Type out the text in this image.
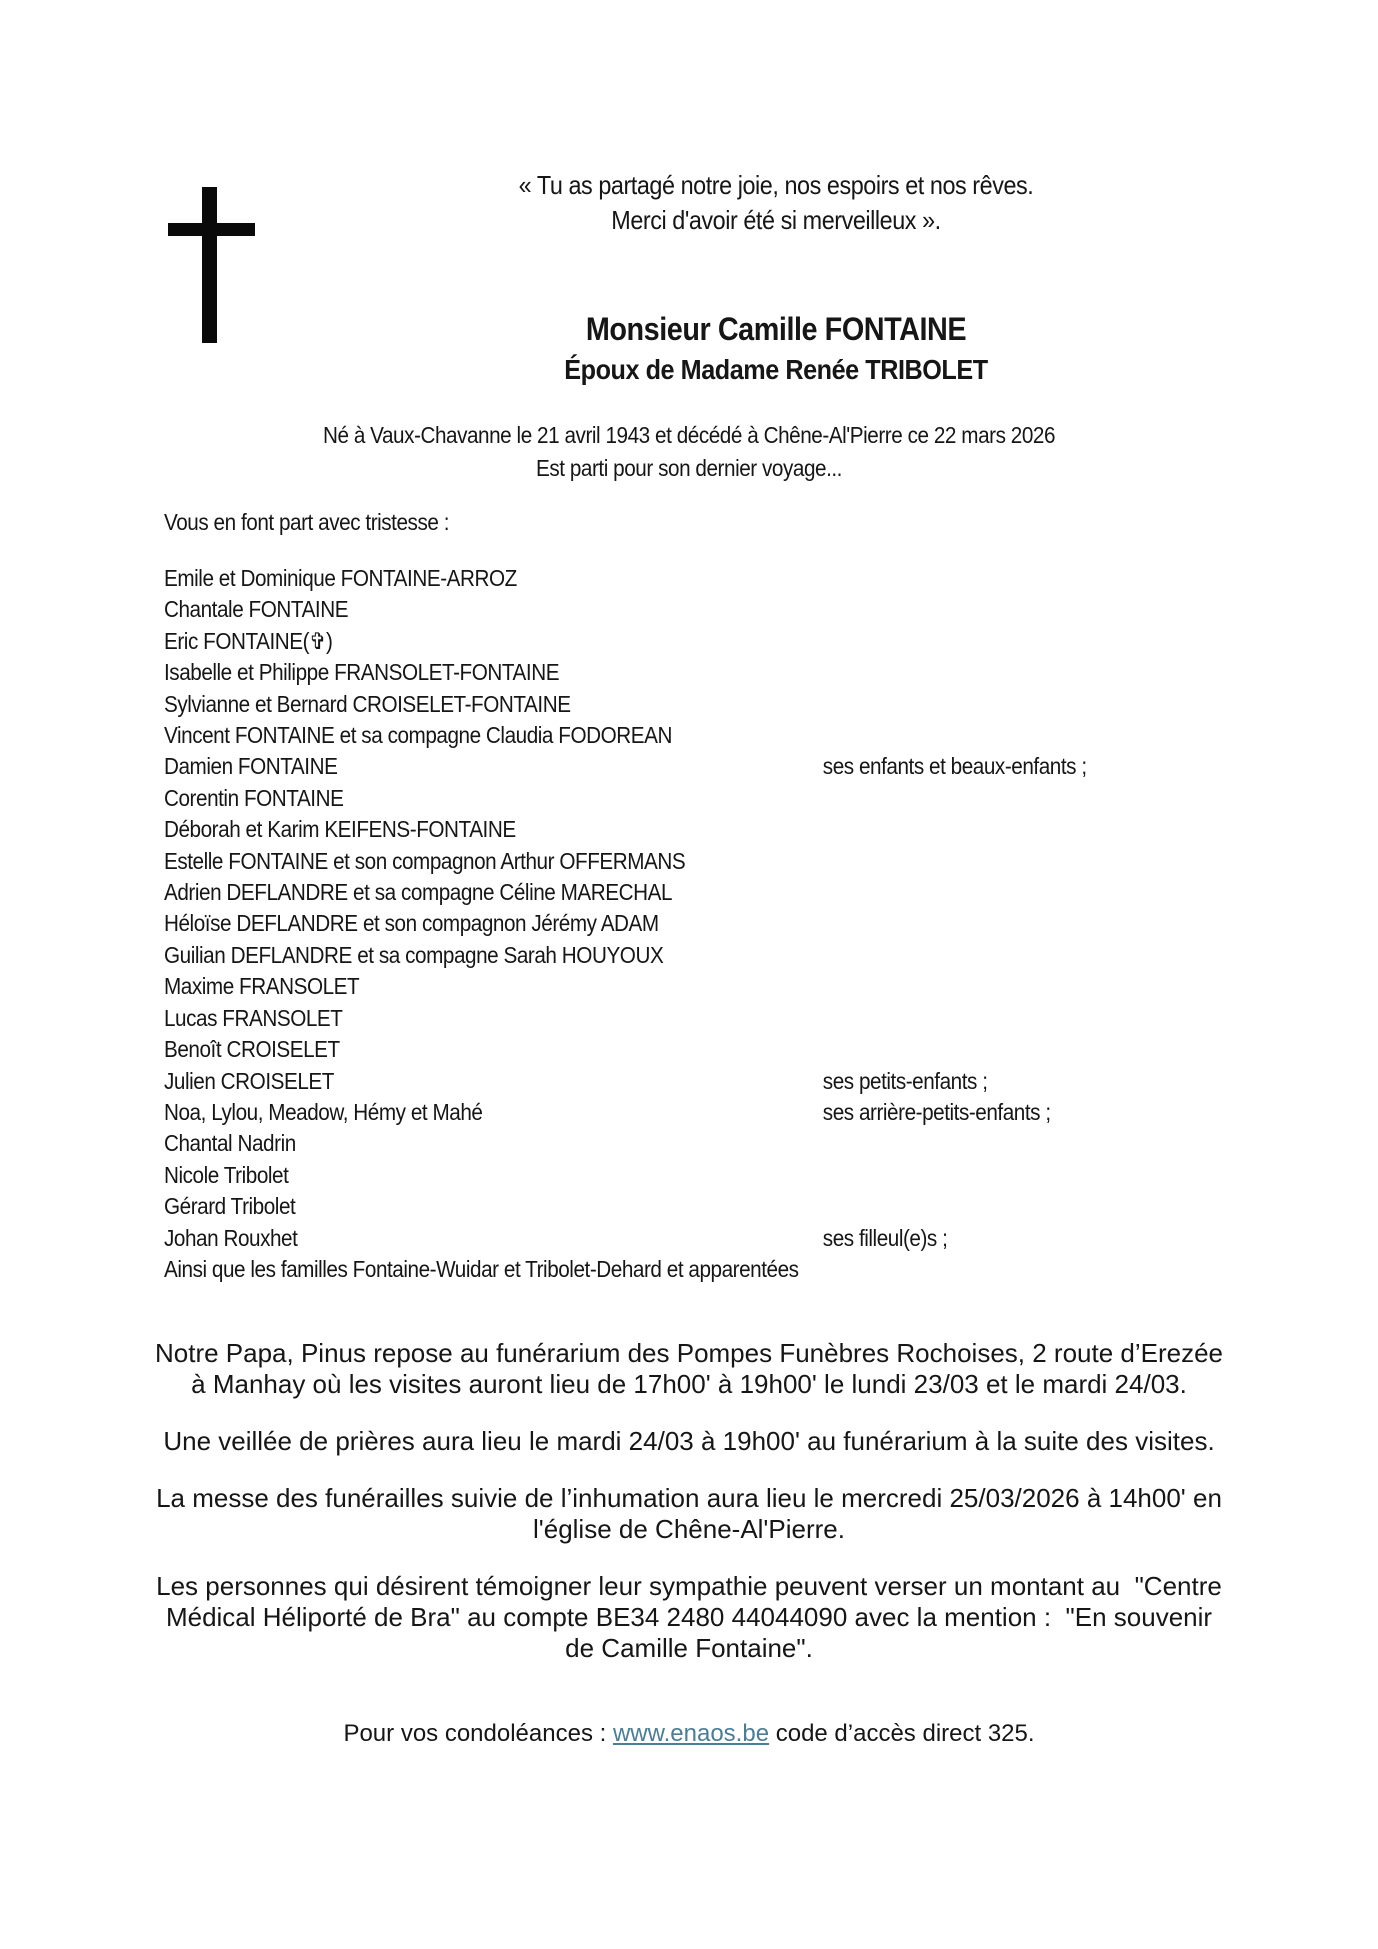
« Tu as partagé notre joie, nos espoirs et nos rêves.
Merci d'avoir été si merveilleux ».
Monsieur Camille FONTAINE
Époux de Madame Renée TRIBOLET
Né à Vaux-Chavanne le 21 avril 1943 et décédé à Chêne-Al'Pierre ce 22 mars 2026
Est parti pour son dernier voyage...
Vous en font part avec tristesse :
Emile et Dominique FONTAINE-ARROZ
Chantale FONTAINE
Eric FONTAINE(✞)
Isabelle et Philippe FRANSOLET-FONTAINE
Sylvianne et Bernard CROISELET-FONTAINE
Vincent FONTAINE et sa compagne Claudia FODOREAN
Damien FONTAINE	ses enfants et beaux-enfants ;
Corentin FONTAINE
Déborah et Karim KEIFENS-FONTAINE
Estelle FONTAINE et son compagnon Arthur OFFERMANS
Adrien DEFLANDRE et sa compagne Céline MARECHAL
Héloïse DEFLANDRE et son compagnon Jérémy ADAM
Guilian DEFLANDRE et sa compagne Sarah HOUYOUX
Maxime FRANSOLET
Lucas FRANSOLET
Benoît CROISELET
Julien CROISELET	ses petits-enfants ;
Noa, Lylou, Meadow, Hémy et Mahé	ses arrière-petits-enfants ;
Chantal Nadrin
Nicole Tribolet
Gérard Tribolet
Johan Rouxhet	ses filleul(e)s ;
Ainsi que les familles Fontaine-Wuidar et Tribolet-Dehard et apparentées
Notre Papa, Pinus repose au funérarium des Pompes Funèbres Rochoises, 2 route d’Erezée
à Manhay où les visites auront lieu de 17h00' à 19h00' le lundi 23/03 et le mardi 24/03.
Une veillée de prières aura lieu le mardi 24/03 à 19h00' au funérarium à la suite des visites.
La messe des funérailles suivie de l’inhumation aura lieu le mercredi 25/03/2026 à 14h00' en
l'église de Chêne-Al'Pierre.
Les personnes qui désirent témoigner leur sympathie peuvent verser un montant au  "Centre
Médical Héliporté de Bra" au compte BE34 2480 44044090 avec la mention :  "En souvenir
de Camille Fontaine".
Pour vos condoléances : www.enaos.be code d’accès direct 325.
